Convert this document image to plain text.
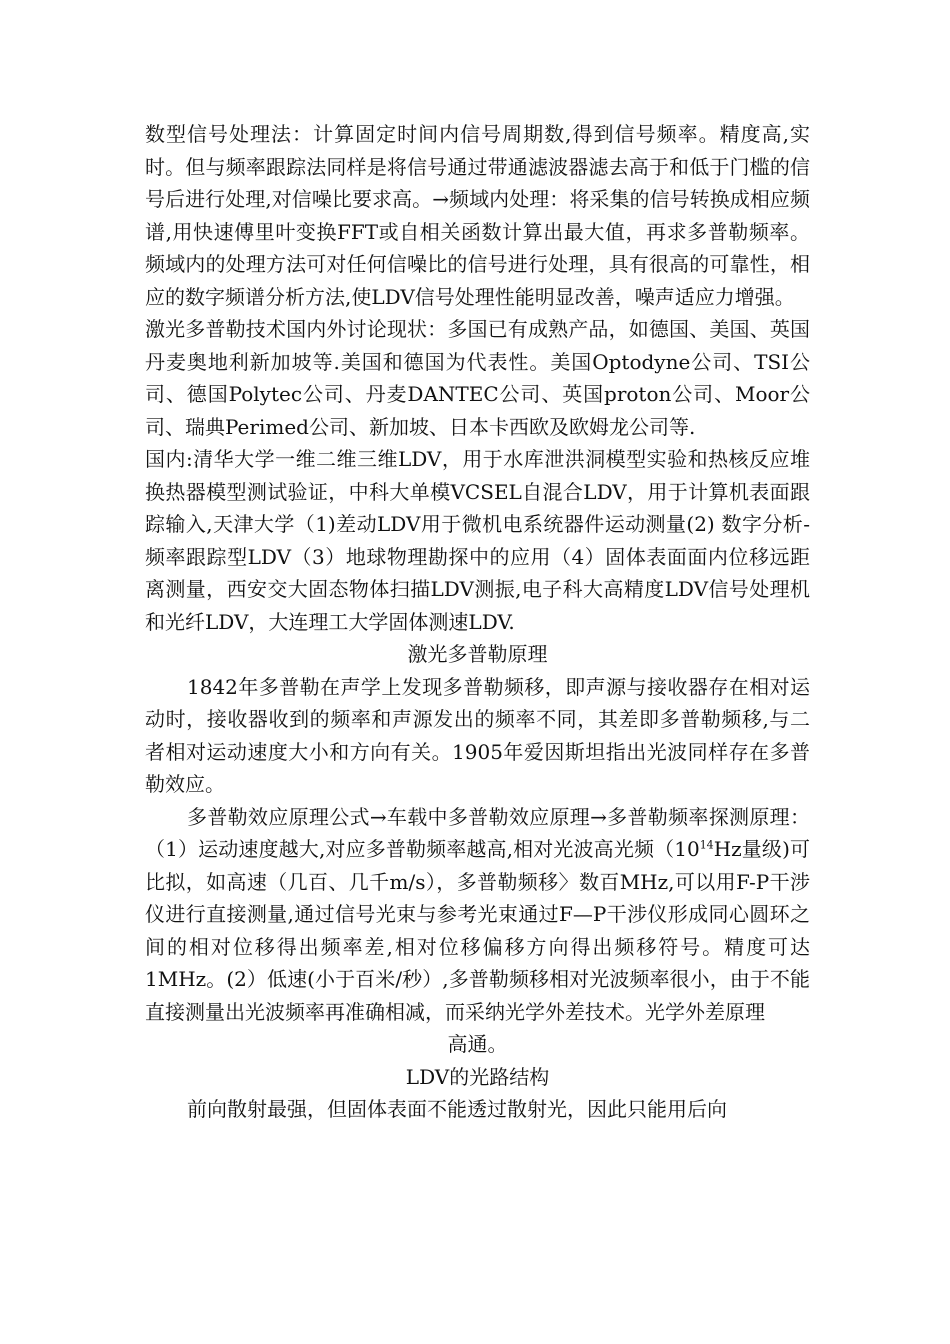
数型信号处理法：计算固定时间内信号周期数,得到信号频率。精度高,实时。但与频率跟踪法同样是将信号通过带通滤波器滤去高于和低于门槛的信号后进行处理,对信噪比要求高。→频域内处理：将采集的信号转换成相应频谱,用快速傅里叶变换FFT或自相关函数计算出最大值，再求多普勒频率。频域内的处理方法可对任何信噪比的信号进行处理，具有很高的可靠性，相应的数字频谱分析方法,使LDV信号处理性能明显改善，噪声适应力增强。

激光多普勒技术国内外讨论现状：多国已有成熟产品，如德国、美国、英国丹麦奥地利新加坡等.美国和德国为代表性。美国Optodyne公司、TSI公司、德国Polytec公司、丹麦DANTEC公司、英国proton公司、Moor公司、瑞典Perimed公司、新加坡、日本卡西欧及欧姆龙公司等.

国内:清华大学一维二维三维LDV，用于水库泄洪洞模型实验和热核反应堆换热器模型测试验证，中科大单模VCSEL自混合LDV，用于计算机表面跟踪输入,天津大学（1)差动LDV用于微机电系统器件运动测量(2) 数字分析-频率跟踪型LDV（3）地球物理勘探中的应用（4）固体表面面内位移远距离测量，西安交大固态物体扫描LDV测振,电子科大高精度LDV信号处理机和光纤LDV，大连理工大学固体测速LDV.

激光多普勒原理

1842年多普勒在声学上发现多普勒频移，即声源与接收器存在相对运动时，接收器收到的频率和声源发出的频率不同，其差即多普勒频移,与二者相对运动速度大小和方向有关。1905年爱因斯坦指出光波同样存在多普勒效应。

多普勒效应原理公式→车载中多普勒效应原理→多普勒频率探测原理：（1）运动速度越大,对应多普勒频率越高,相对光波高光频（$10^{14}Hz$量级)可比拟，如高速（几百、几千m/s），多普勒频移〉数百MHz,可以用F-P干涉仪进行直接测量,通过信号光束与参考光束通过F—P干涉仪形成同心圆环之间的相对位移得出频率差,相对位移偏移方向得出频移符号。精度可达1MHz。(2）低速(小于百米/秒）,多普勒频移相对光波频率很小，由于不能直接测量出光波频率再准确相减，而采纳光学外差技术。光学外差原理

高通。

LDV的光路结构

前向散射最强，但固体表面不能透过散射光，因此只能用后向
